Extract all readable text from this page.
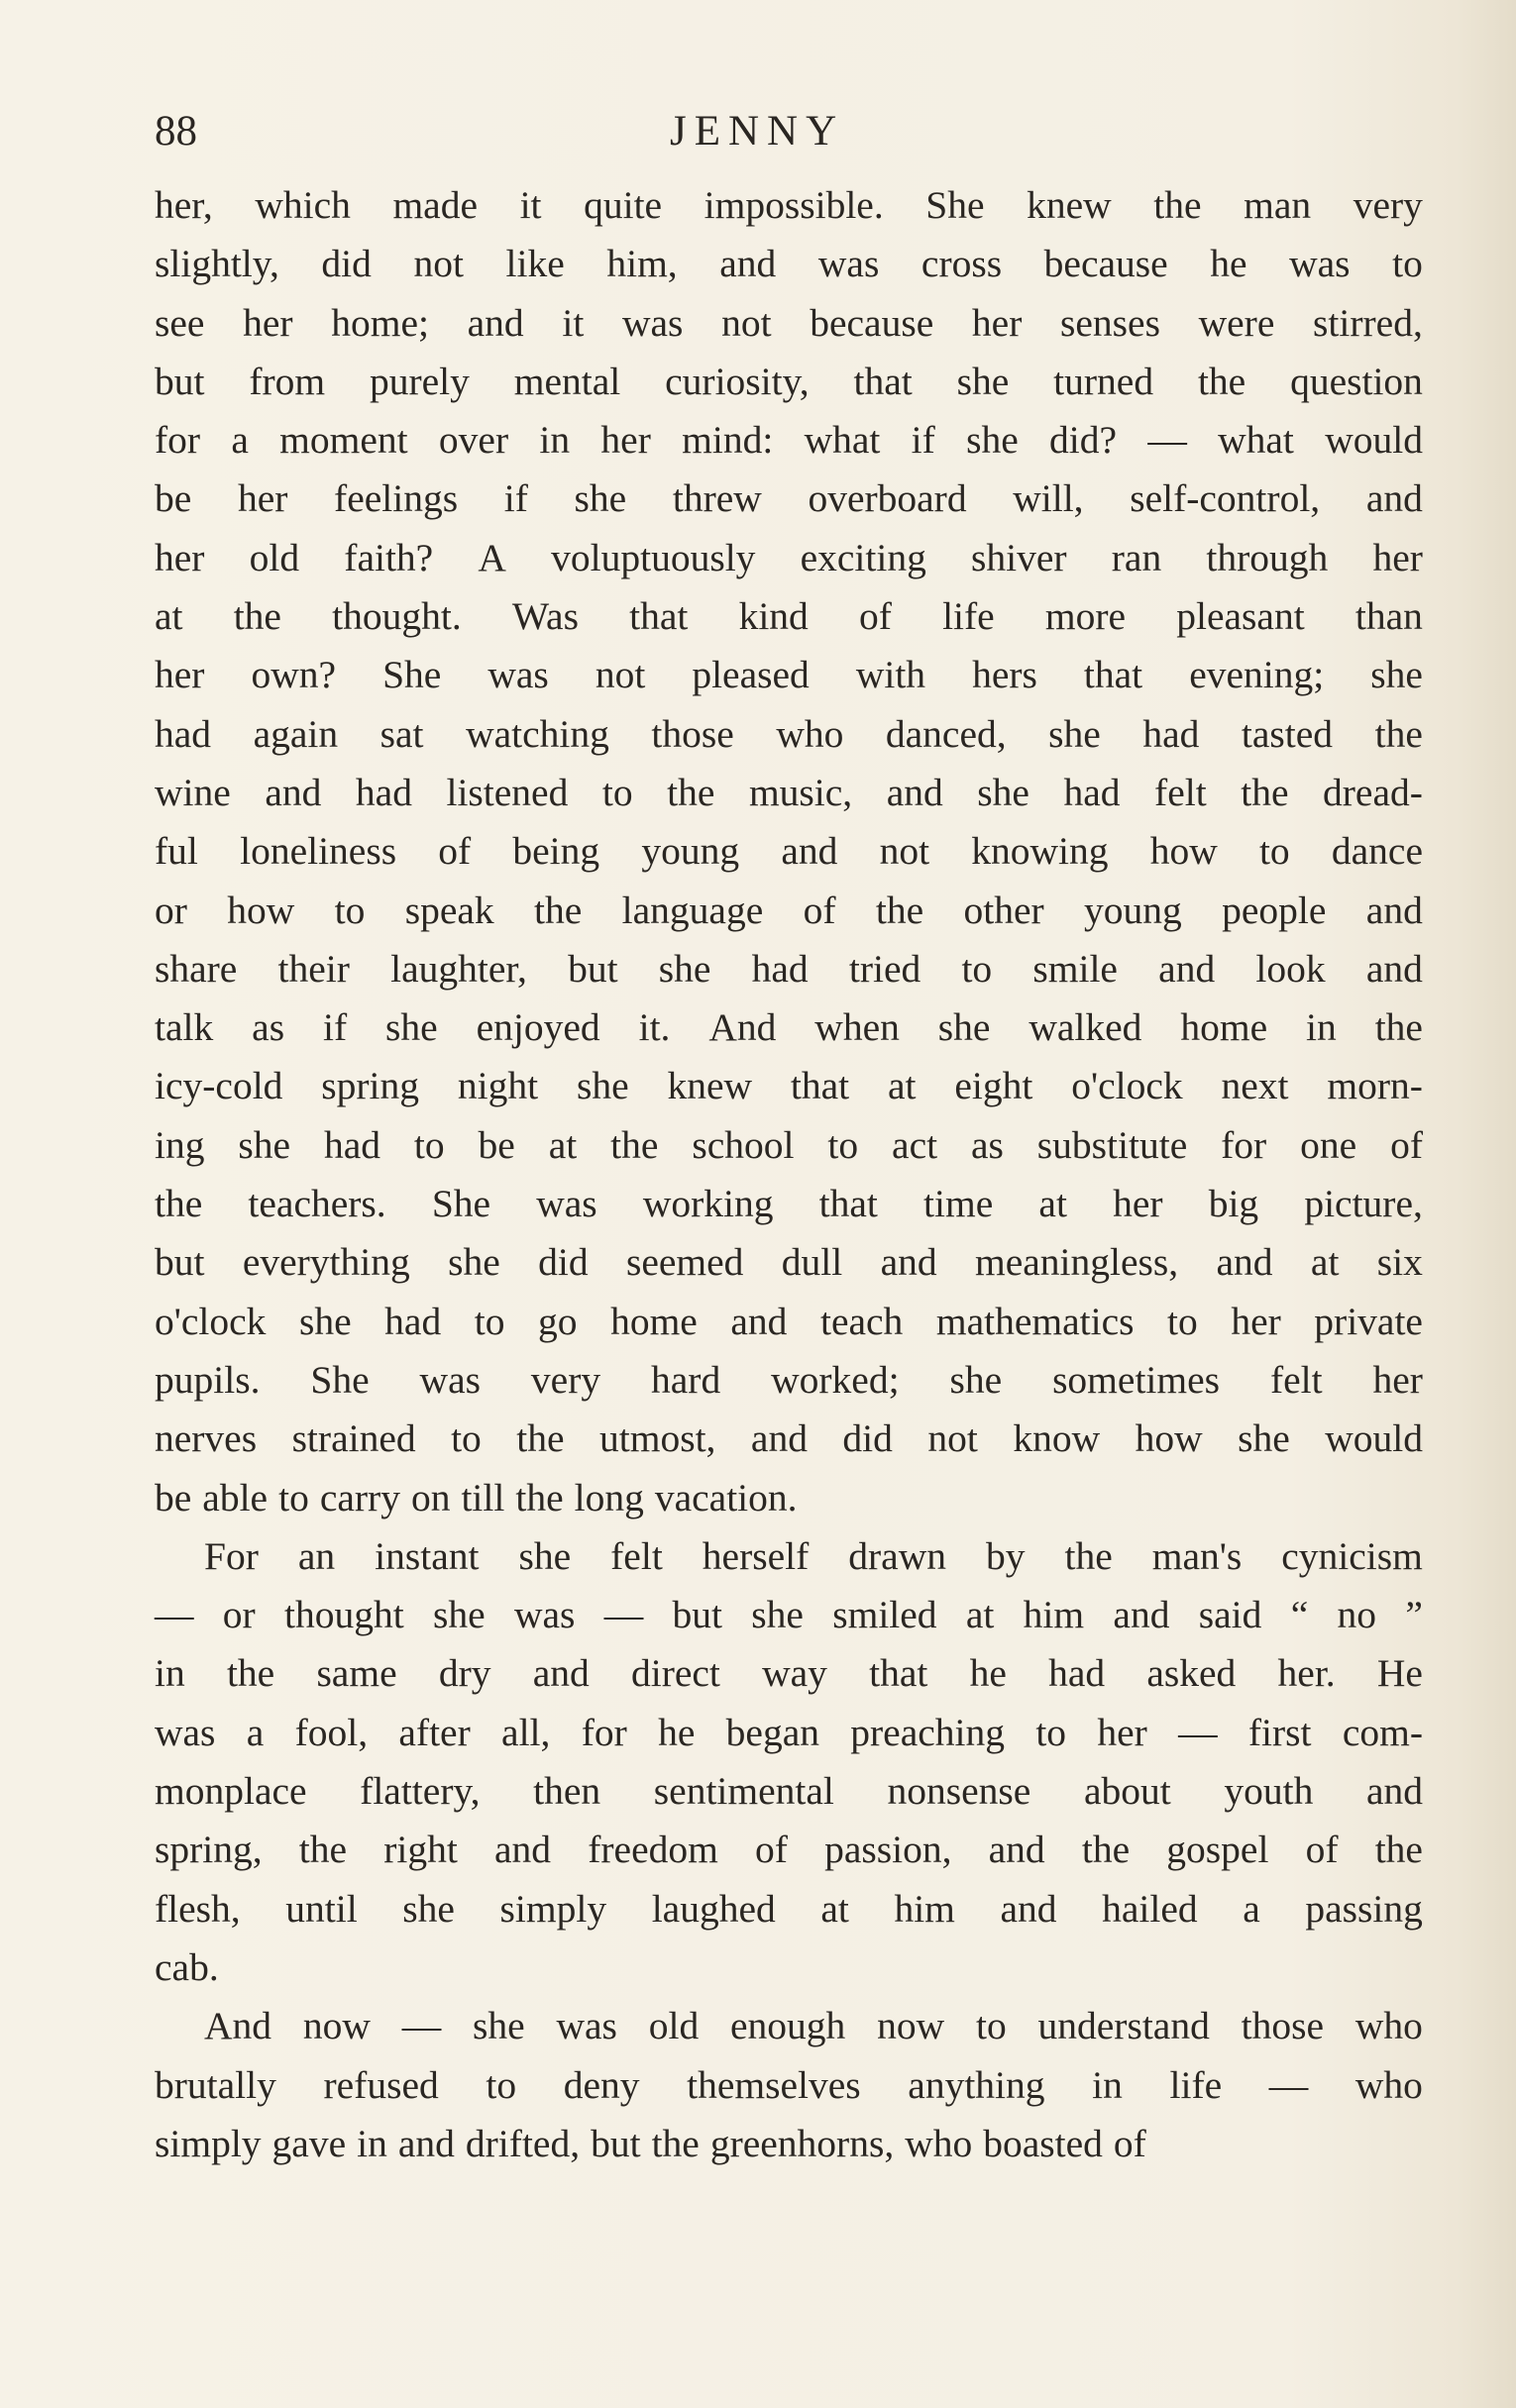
88	JENNY
her, which made it quite impossible. She knew the man very
slightly, did not like him, and was cross because he was to
see her home; and it was not because her senses were stirred,
but from purely mental curiosity, that she turned the question
for a moment over in her mind: what if she did? — what would
be her feelings if she threw overboard will, self-control, and
her old faith? A voluptuously exciting shiver ran through her
at the thought. Was that kind of life more pleasant than
her own? She was not pleased with hers that evening; she
had again sat watching those who danced, she had tasted the
wine and had listened to the music, and she had felt the dread-
ful loneliness of being young and not knowing how to dance
or how to speak the language of the other young people and
share their laughter, but she had tried to smile and look and
talk as if she enjoyed it. And when she walked home in the
icy-cold spring night she knew that at eight o'clock next morn-
ing she had to be at the school to act as substitute for one of
the teachers. She was working that time at her big picture,
but everything she did seemed dull and meaningless, and at six
o'clock she had to go home and teach mathematics to her private
pupils. She was very hard worked; she sometimes felt her
nerves strained to the utmost, and did not know how she would
be able to carry on till the long vacation.
For an instant she felt herself drawn by the man's cynicism
— or thought she was — but she smiled at him and said “ no ”
in the same dry and direct way that he had asked her. He
was a fool, after all, for he began preaching to her — first com-
monplace flattery, then sentimental nonsense about youth and
spring, the right and freedom of passion, and the gospel of the
flesh, until she simply laughed at him and hailed a passing
cab.
And now — she was old enough now to understand those who
brutally refused to deny themselves anything in life — who
simply gave in and drifted, but the greenhorns, who boasted of
